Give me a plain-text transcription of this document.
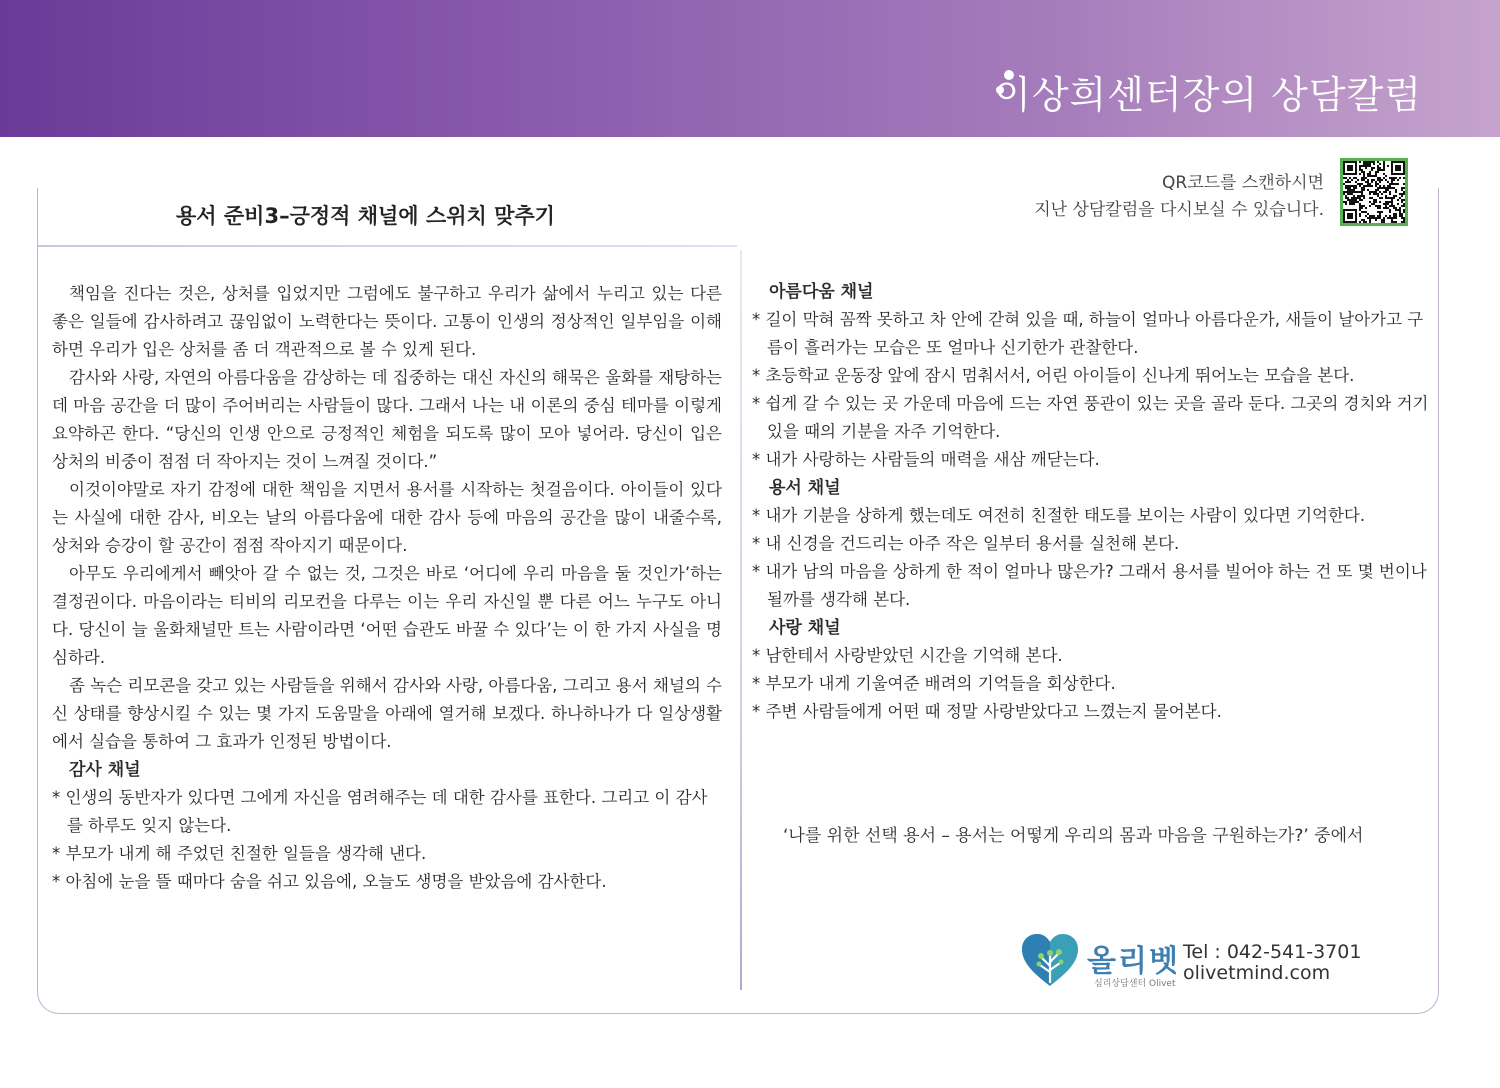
이상희센터장의 상담칼럼
용서 준비3–긍정적 채널에 스위치 맞추기
QR코드를 스캔하시면
지난 상담칼럼을 다시보실 수 있습니다.

책임을 진다는 것은, 상처를 입었지만 그럼에도 불구하고 우리가 삶에서 누리고 있는 다른 좋은 일들에 감사하려고 끊임없이 노력한다는 뜻이다. 고통이 인생의 정상적인 일부임을 이해하면 우리가 입은 상처를 좀 더 객관적으로 볼 수 있게 된다.

감사와 사랑, 자연의 아름다움을 감상하는 데 집중하는 대신 자신의 해묵은 울화를 재탕하는 데 마음 공간을 더 많이 주어버리는 사람들이 많다. 그래서 나는 내 이론의 중심 테마를 이렇게 요약하곤 한다. “당신의 인생 안으로 긍정적인 체험을 되도록 많이 모아 넣어라. 당신이 입은 상처의 비중이 점점 더 작아지는 것이 느껴질 것이다.”

이것이야말로 자기 감정에 대한 책임을 지면서 용서를 시작하는 첫걸음이다. 아이들이 있다는 사실에 대한 감사, 비오는 날의 아름다움에 대한 감사 등에 마음의 공간을 많이 내줄수록, 상처와 승강이 할 공간이 점점 작아지기 때문이다.

아무도 우리에게서 빼앗아 갈 수 없는 것, 그것은 바로 ‘어디에 우리 마음을 둘 것인가’하는 결정권이다. 마음이라는 티비의 리모컨을 다루는 이는 우리 자신일 뿐 다른 어느 누구도 아니다. 당신이 늘 울화채널만 트는 사람이라면 ‘어떤 습관도 바꿀 수 있다’는 이 한 가지 사실을 명심하라.

좀 녹슨 리모콘을 갖고 있는 사람들을 위해서 감사와 사랑, 아름다움, 그리고 용서 채널의 수신 상태를 향상시킬 수 있는 몇 가지 도움말을 아래에 열거해 보겠다. 하나하나가 다 일상생활에서 실습을 통하여 그 효과가 인정된 방법이다.

감사 채널
* 인생의 동반자가 있다면 그에게 자신을 염려해주는 데 대한 감사를 표한다. 그리고 이 감사를 하루도 잊지 않는다.
* 부모가 내게 해 주었던 친절한 일들을 생각해 낸다.
* 아침에 눈을 뜰 때마다 숨을 쉬고 있음에, 오늘도 생명을 받았음에 감사한다.
아름다움 채널
* 길이 막혀 꼼짝 못하고 차 안에 갇혀 있을 때, 하늘이 얼마나 아름다운가, 새들이 날아가고 구름이 흘러가는 모습은 또 얼마나 신기한가 관찰한다.
* 초등학교 운동장 앞에 잠시 멈춰서서, 어린 아이들이 신나게 뛰어노는 모습을 본다.
* 쉽게 갈 수 있는 곳 가운데 마음에 드는 자연 풍관이 있는 곳을 골라 둔다. 그곳의 경치와 거기 있을 때의 기분을 자주 기억한다.
* 내가 사랑하는 사람들의 매력을 새삼 깨닫는다.
용서 채널
* 내가 기분을 상하게 했는데도 여전히 친절한 태도를 보이는 사람이 있다면 기억한다.
* 내 신경을 건드리는 아주 작은 일부터 용서를 실천해 본다.
* 내가 남의 마음을 상하게 한 적이 얼마나 많은가? 그래서 용서를 빌어야 하는 건 또 몇 번이나 될까를 생각해 본다.
사랑 채널
* 남한테서 사랑받았던 시간을 기억해 본다.
* 부모가 내게 기울여준 배려의 기억들을 회상한다.
* 주변 사람들에게 어떤 때 정말 사랑받았다고 느꼈는지 물어본다.
‘나를 위한 선택 용서 – 용서는 어떻게 우리의 몸과 마음을 구원하는가?’ 중에서
올리벳
심리상담센터 Olivet
Tel : 042-541-3701
olivetmind.com
